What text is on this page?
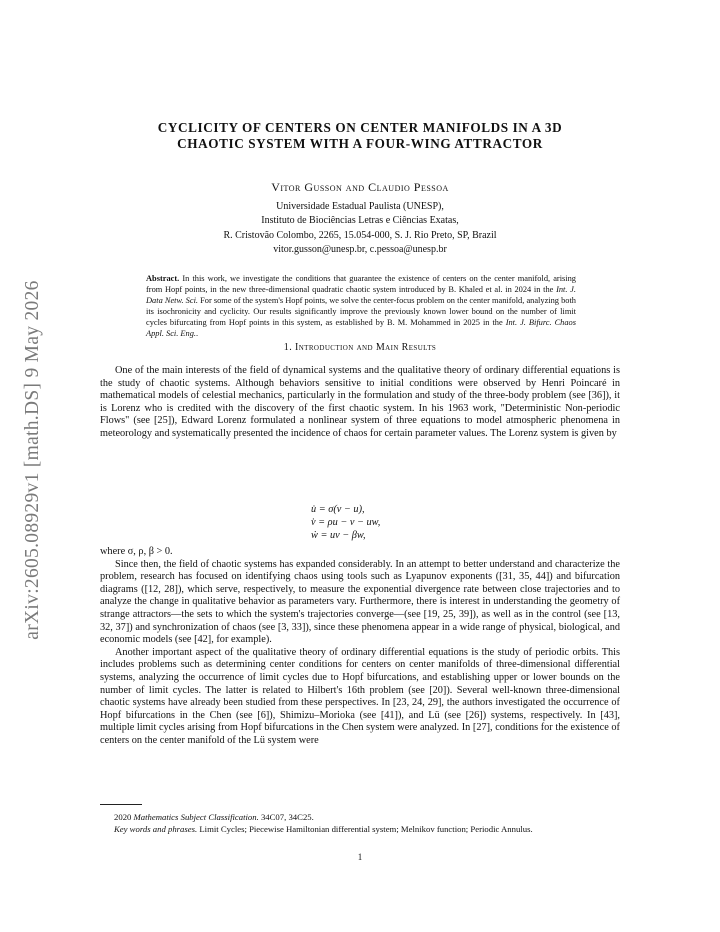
arXiv:2605.08929v1 [math.DS] 9 May 2026
CYCLICITY OF CENTERS ON CENTER MANIFOLDS IN A 3D
CHAOTIC SYSTEM WITH A FOUR-WING ATTRACTOR
Vitor Gusson and Claudio Pessoa
Universidade Estadual Paulista (UNESP),
Instituto de Biociências Letras e Ciências Exatas,
R. Cristovão Colombo, 2265, 15.054-000, S. J. Rio Preto, SP, Brazil
vitor.gusson@unesp.br, c.pessoa@unesp.br
Abstract. In this work, we investigate the conditions that guarantee the existence of centers on the center manifold, arising from Hopf points, in the new three-dimensional quadratic chaotic system introduced by B. Khaled et al. in 2024 in the Int. J. Data Netw. Sci. For some of the system's Hopf points, we solve the center-focus problem on the center manifold, analyzing both its isochronicity and cyclicity. Our results significantly improve the previously known lower bound on the number of limit cycles bifurcating from Hopf points in this system, as established by B. M. Mohammed in 2025 in the Int. J. Bifurc. Chaos Appl. Sci. Eng..
1. Introduction and Main Results

One of the main interests of the field of dynamical systems and the qualitative theory of ordinary differential equations is the study of chaotic systems. Although behaviors sensitive to initial conditions were observed by Henri Poincaré in mathematical models of celestial mechanics, particularly in the formulation and study of the three-body problem (see [36]), it is Lorenz who is credited with the discovery of the first chaotic system. In his 1963 work, "Deterministic Non-periodic Flows" (see [25]), Edward Lorenz formulated a nonlinear system of three equations to model atmospheric phenomena in meteorology and systematically presented the incidence of chaos for certain parameter values. The Lorenz system is given by

u̇ = σ(v − u),
v̇ = ρu − v − uw,
ẇ = uv − βw,

where σ, ρ, β > 0.

Since then, the field of chaotic systems has expanded considerably. In an attempt to better understand and characterize the problem, research has focused on identifying chaos using tools such as Lyapunov exponents ([31, 35, 44]) and bifurcation diagrams ([12, 28]), which serve, respectively, to measure the exponential divergence rate between close trajectories and to analyze the change in qualitative behavior as parameters vary. Furthermore, there is interest in understanding the geometry of strange attractors—the sets to which the system's trajectories converge—(see [19, 25, 39]), as well as in the control (see [13, 32, 37]) and synchronization of chaos (see [3, 33]), since these phenomena appear in a wide range of physical, biological, and economic models (see [42], for example).

Another important aspect of the qualitative theory of ordinary differential equations is the study of periodic orbits. This includes problems such as determining center conditions for centers on center manifolds of three-dimensional differential systems, analyzing the occurrence of limit cycles due to Hopf bifurcations, and establishing upper or lower bounds on the number of limit cycles. The latter is related to Hilbert's 16th problem (see [20]). Several well-known three-dimensional chaotic systems have already been studied from these perspectives. In [23, 24, 29], the authors investigated the occurrence of Hopf bifurcations in the Chen (see [6]), Shimizu–Morioka (see [41]), and Lü (see [26]) systems, respectively. In [43], multiple limit cycles arising from Hopf bifurcations in the Chen system were analyzed. In [27], conditions for the existence of centers on the center manifold of the Lü system were

2020 Mathematics Subject Classification. 34C07, 34C25.

Key words and phrases. Limit Cycles; Piecewise Hamiltonian differential system; Melnikov function; Periodic Annulus.

1
